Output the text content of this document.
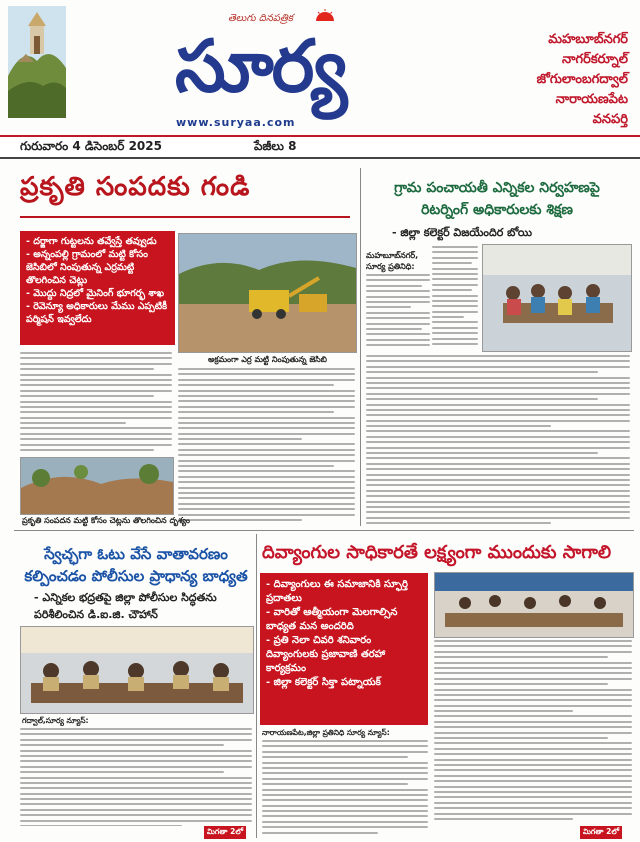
తెలుగు దినపత్రిక
సూర్య
www.suryaa.com
మహబూబ్‌నగర్
నాగర్‌కర్నూల్
జోగులాంబగద్వాల్
నారాయణపేట
వనపర్తి
గురువారం 4 డిసెంబర్ 2025	పేజీలు 8
ప్రకృతి సంపదకు గండి
- దర్జాగా గుట్టలను తవ్వేస్తే తవ్వుడు
- అన్నంపల్లి గ్రామంలో మట్టి కోసం జెసిబిలో నింపుతున్న ఎర్రమట్టి తొలగించిన చెట్లు
- మొద్దు నిద్రలో మైనింగ్ భూగర్భ శాఖ
- రెవెన్యూ అధికారులు మేము ఎప్పటికీ పర్మిషన్ ఇవ్వలేదు
అక్రమంగా ఎర్ర మట్టి నింపుతున్న జెసిబి
ప్రకృతి సంపదన మట్టి కోసం చెట్లను తొలగించిన దృశ్యం
గ్రామ పంచాయతీ ఎన్నికల నిర్వహణపై
రిటర్నింగ్ అధికారులకు శిక్షణ
- జిల్లా కలెక్టర్ విజయేందిర బోయి
మహబూబ్‌నగర్, సూర్య ప్రతినిధి:
స్వేచ్ఛగా ఓటు వేసే వాతావరణం
కల్పించడం పోలీసుల ప్రాధాన్య బాధ్యత
- ఎన్నికల భద్రతపై జిల్లా పోలీసుల సిద్ధతను పరిశీలించిన డి.ఐ.జి. చౌహాన్
గద్వాల్,సూర్య న్యూస్:
మిగతా 2లో
దివ్యాంగుల సాధికారతే లక్ష్యంగా ముందుకు సాగాలి
- దివ్యాంగులు ఈ సమాజానికి స్ఫూర్తి ప్రదాతలు
- వారితో ఆత్మీయంగా మెలగాల్సిన బాధ్యత మన అందరిది
- ప్రతి నెలా చివరి శనివారం దివ్యాంగులకు ప్రజావాణి తరహా కార్యక్రమం
- జిల్లా కలెక్టర్ సిక్తా పట్నాయక్
నారాయణపేట,జిల్లా ప్రతినిధి సూర్య న్యూస్:
మిగతా 2లో
